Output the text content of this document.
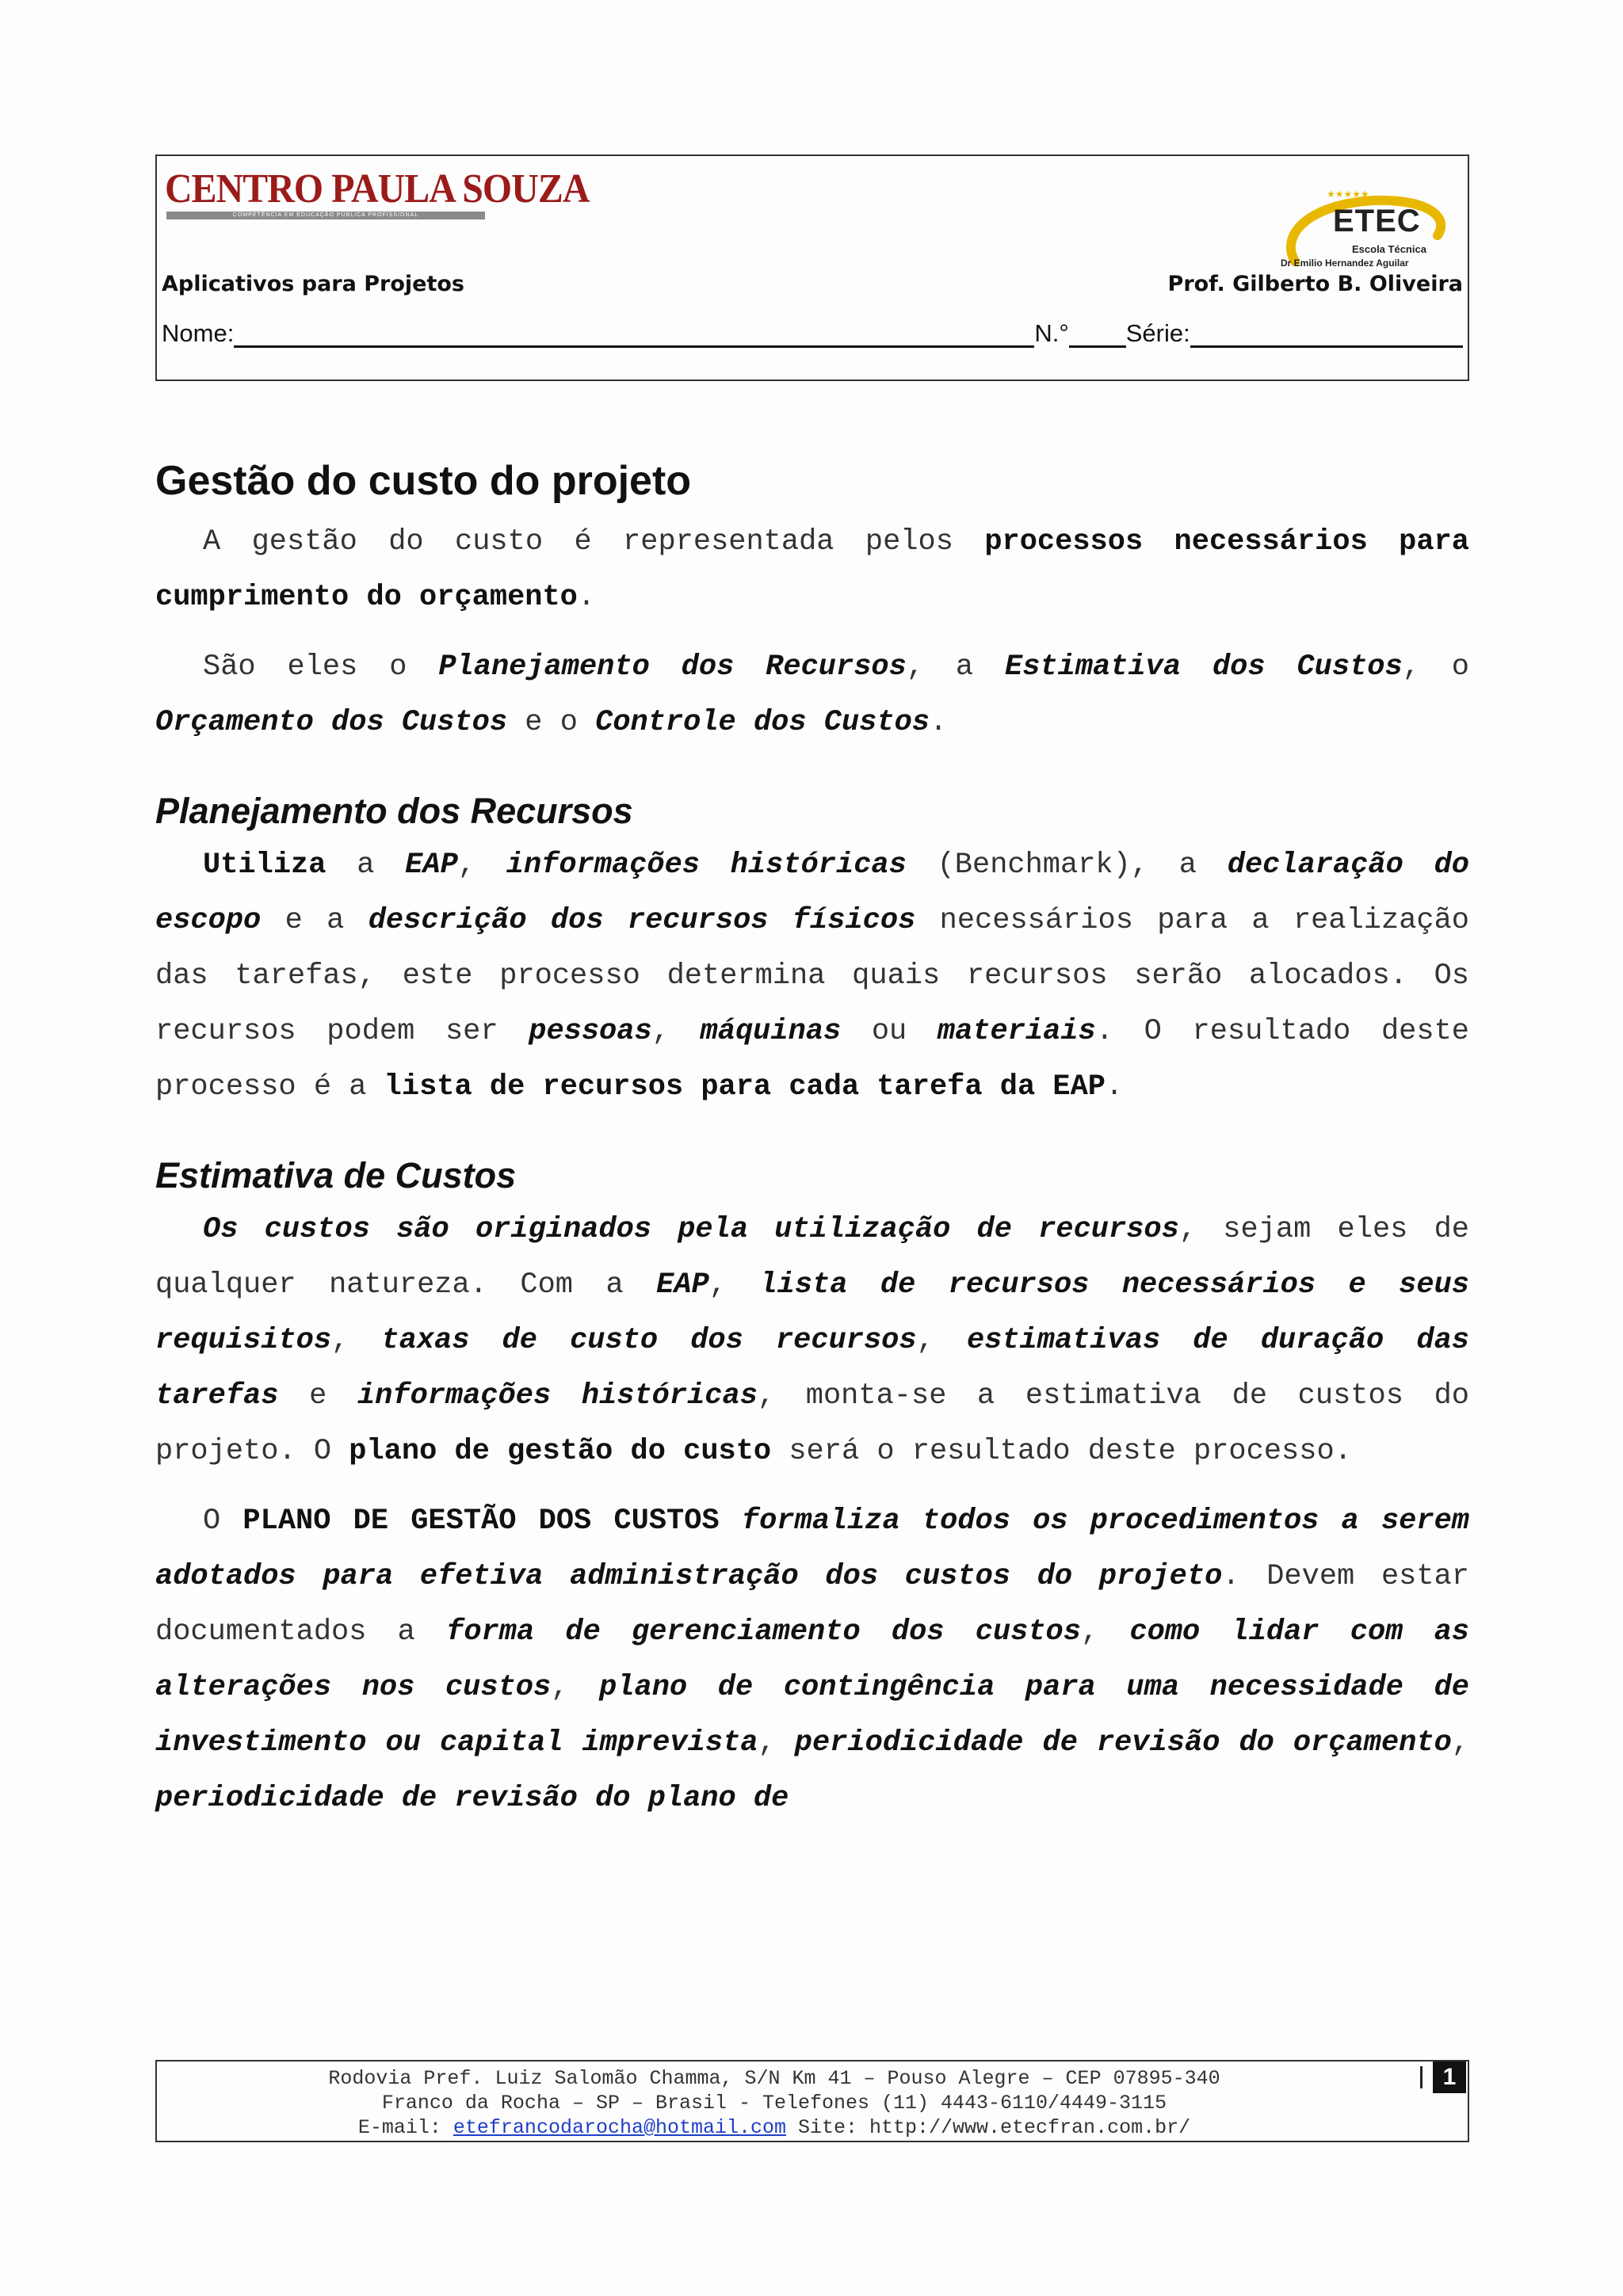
CENTRO PAULA SOUZA
COMPETÊNCIA EM EDUCAÇÃO PÚBLICA PROFISSIONAL
★★★★★
ETEC
Escola Técnica
Dr Emilio Hernandez Aguilar
Aplicativos para Projetos	Prof. Gilberto B. Oliveira
Nome:	N.° Série:
Gestão do custo do projeto

A gestão do custo é representada pelos processos necessários para cumprimento do orçamento.

São eles o Planejamento dos Recursos, a Estimativa dos Custos, o Orçamento dos Custos e o Controle dos Custos.

Planejamento dos Recursos

Utiliza a EAP, informações históricas (Benchmark), a declaração do escopo e a descrição dos recursos físicos necessários para a realização das tarefas, este processo determina quais recursos serão alocados. Os recursos podem ser pessoas, máquinas ou materiais. O resultado deste processo é a lista de recursos para cada tarefa da EAP.

Estimativa de Custos

Os custos são originados pela utilização de recursos, sejam eles de qualquer natureza. Com a EAP, lista de recursos necessários e seus requisitos, taxas de custo dos recursos, estimativas de duração das tarefas e informações históricas, monta-se a estimativa de custos do projeto. O plano de gestão do custo será o resultado deste processo.

O PLANO DE GESTÃO DOS CUSTOS formaliza todos os procedimentos a serem adotados para efetiva administração dos custos do projeto. Devem estar documentados a forma de gerenciamento dos custos, como lidar com as alterações nos custos, plano de contingência para uma necessidade de investimento ou capital imprevista, periodicidade de revisão do orçamento, periodicidade de revisão do plano de

Rodovia Pref. Luiz Salomão Chamma, S/N Km 41 – Pouso Alegre – CEP 07895-340
Franco da Rocha – SP – Brasil - Telefones (11) 4443-6110/4449-3115
E-mail: etefrancodarocha@hotmail.com Site: http://www.etecfran.com.br/
1
